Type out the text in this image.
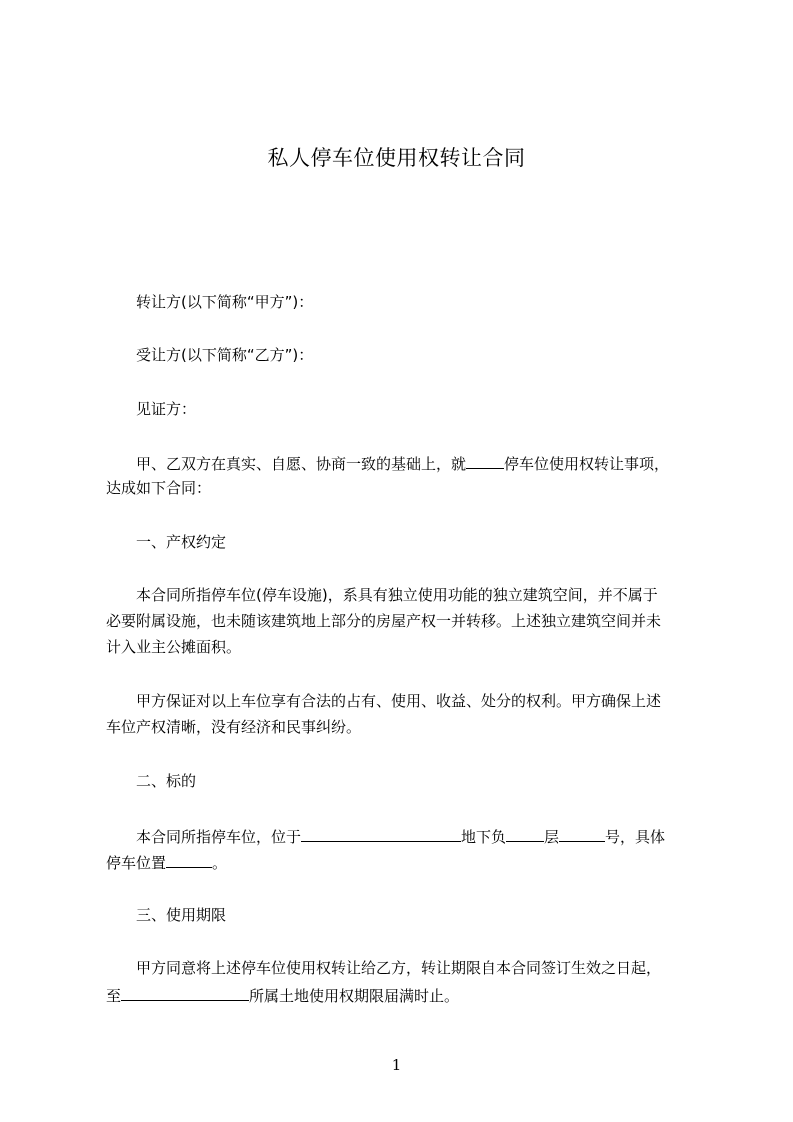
私人停车位使用权转让合同
转让方(以下简称“甲方”)：
受让方(以下简称“乙方”)：
见证方：
甲、乙双方在真实、自愿、协商一致的基础上，就	停车位使用权转让事项，
达成如下合同：
一、产权约定
本合同所指停车位(停车设施)，系具有独立使用功能的独立建筑空间，并不属于
必要附属设施，也未随该建筑地上部分的房屋产权一并转移。上述独立建筑空间并未
计入业主公摊面积。
甲方保证对以上车位享有合法的占有、使用、收益、处分的权利。甲方确保上述
车位产权清晰，没有经济和民事纠纷。
二、标的
本合同所指停车位，位于	地下负	层	号，具体
停车位置	。
三、使用期限
甲方同意将上述停车位使用权转让给乙方，转让期限自本合同签订生效之日起，
至	所属土地使用权期限届满时止。
1
